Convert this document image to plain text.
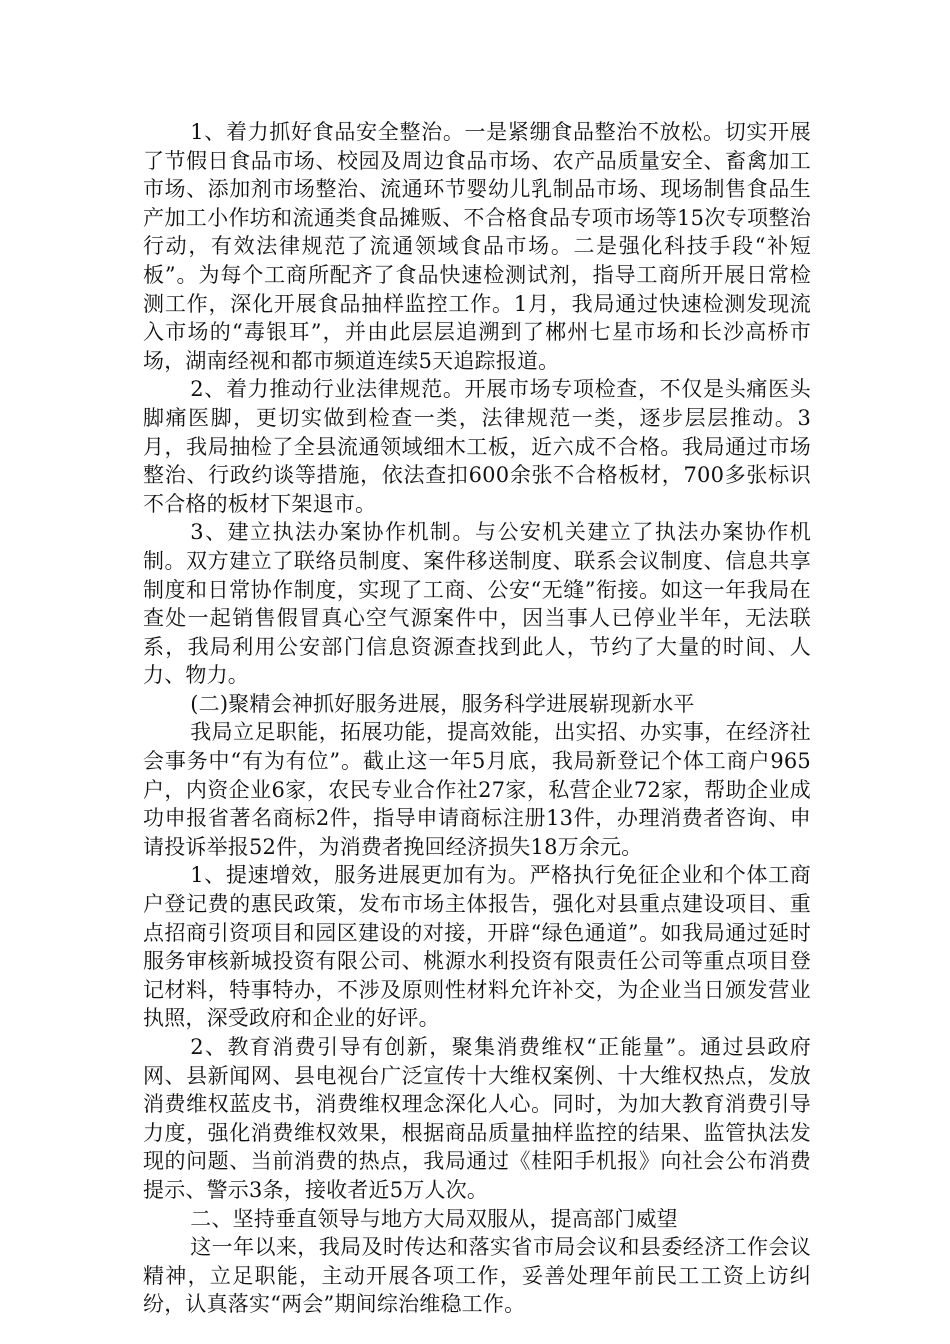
1、着力抓好食品安全整治。一是紧绷食品整治不放松。切实开展了节假日食品市场、校园及周边食品市场、农产品质量安全、畜禽加工市场、添加剂市场整治、流通环节婴幼儿乳制品市场、现场制售食品生产加工小作坊和流通类食品摊贩、不合格食品专项市场等15次专项整治行动，有效法律规范了流通领域食品市场。二是强化科技手段“补短板”。为每个工商所配齐了食品快速检测试剂，指导工商所开展日常检测工作，深化开展食品抽样监控工作。1月，我局通过快速检测发现流入市场的“毒银耳”，并由此层层追溯到了郴州七星市场和长沙高桥市场，湖南经视和都市频道连续5天追踪报道。

2、着力推动行业法律规范。开展市场专项检查，不仅是头痛医头脚痛医脚，更切实做到检查一类，法律规范一类，逐步层层推动。3月，我局抽检了全县流通领域细木工板，近六成不合格。我局通过市场整治、行政约谈等措施，依法查扣600余张不合格板材，700多张标识不合格的板材下架退市。

3、建立执法办案协作机制。与公安机关建立了执法办案协作机制。双方建立了联络员制度、案件移送制度、联系会议制度、信息共享制度和日常协作制度，实现了工商、公安“无缝”衔接。如这一年我局在查处一起销售假冒真心空气源案件中，因当事人已停业半年，无法联系，我局利用公安部门信息资源查找到此人，节约了大量的时间、人力、物力。

(二)聚精会神抓好服务进展，服务科学进展崭现新水平

我局立足职能，拓展功能，提高效能，出实招、办实事，在经济社会事务中“有为有位”。截止这一年5月底，我局新登记个体工商户965户，内资企业6家，农民专业合作社27家，私营企业72家，帮助企业成功申报省著名商标2件，指导申请商标注册13件，办理消费者咨询、申请投诉举报52件，为消费者挽回经济损失18万余元。

1、提速增效，服务进展更加有为。严格执行免征企业和个体工商户登记费的惠民政策，发布市场主体报告，强化对县重点建设项目、重点招商引资项目和园区建设的对接，开辟“绿色通道”。如我局通过延时服务审核新城投资有限公司、桃源水利投资有限责任公司等重点项目登记材料，特事特办，不涉及原则性材料允许补交，为企业当日颁发营业执照，深受政府和企业的好评。

2、教育消费引导有创新，聚集消费维权“正能量”。通过县政府网、县新闻网、县电视台广泛宣传十大维权案例、十大维权热点，发放消费维权蓝皮书，消费维权理念深化人心。同时，为加大教育消费引导力度，强化消费维权效果，根据商品质量抽样监控的结果、监管执法发现的问题、当前消费的热点，我局通过《桂阳手机报》向社会公布消费提示、警示3条，接收者近5万人次。

二、坚持垂直领导与地方大局双服从，提高部门威望

这一年以来，我局及时传达和落实省市局会议和县委经济工作会议精神，立足职能，主动开展各项工作，妥善处理年前民工工资上访纠纷，认真落实“两会”期间综治维稳工作。
